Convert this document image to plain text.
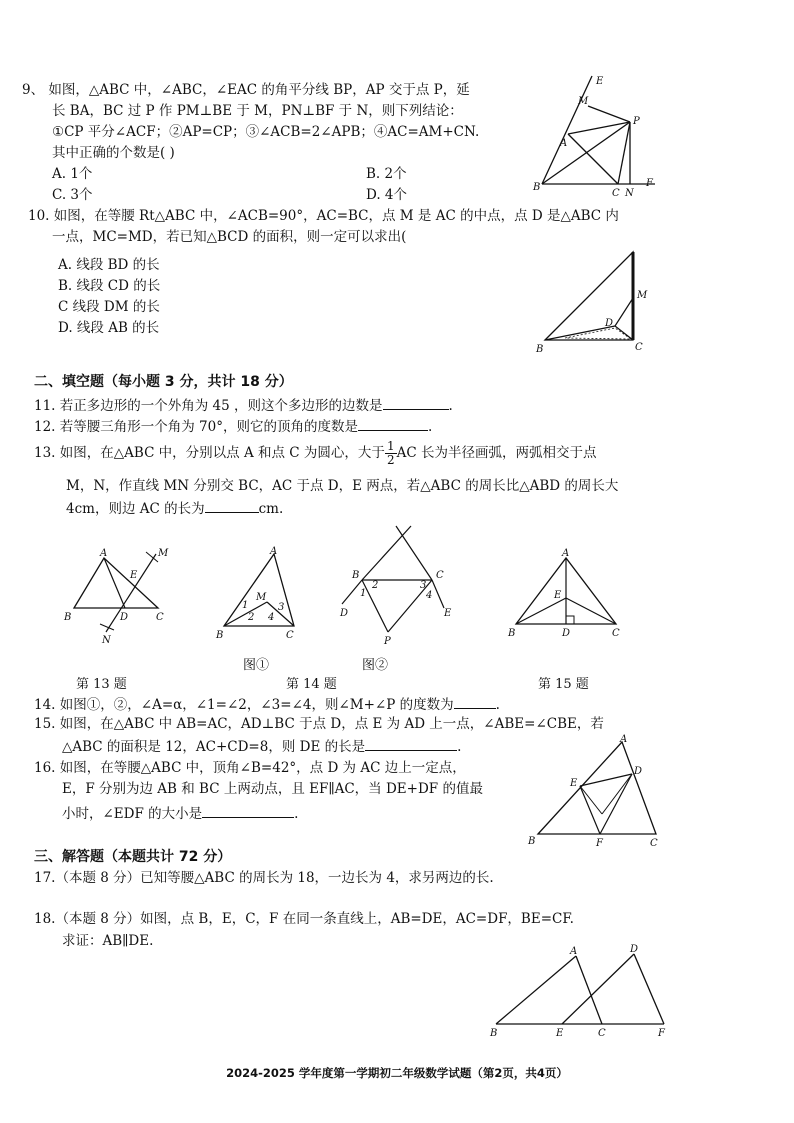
9、 如图，△ABC 中，∠ABC，∠EAC 的角平分线 BP，AP 交于点 P，延
长 BA，BC 过 P 作 PM⊥BE 于 M，PN⊥BF 于 N，则下列结论：
①CP 平分∠ACF；②AP=CP；③∠ACB=2∠APB；④AC=AM+CN.
其中正确的个数是( )
A. 1个	B. 2个
C. 3个	D. 4个	B
C N
F
A
M
E
P
10. 如图，在等腰 Rt△ABC 中，∠ACB=90°，AC=BC，点 M 是 AC 的中点，点 D 是△ABC 内
一点，MC=MD，若已知△BCD 的面积，则一定可以求出(
A. 线段 BD 的长
B. 线段 CD 的长
C 线段 DM 的长
D. 线段 AB 的长
B	C
M
D
二、填空题（每小题 3 分，共计 18 分）
11. 若正多边形的一个外角为 45 ，则这个多边形的边数是	.
12. 若等腰三角形一个角为 70°，则它的顶角的度数是	.
13. 如图，在△ABC 中，分别以点 A 和点 C 为圆心，大于 $\frac{1}{2}$ AC 长为半径画弧，两弧相交于点
M，N，作直线 MN 分别交 BC，AC 于点 D，E 两点，若△ABC 的周长比△ABD 的周长大
4cm，则边 AC 的长为	cm.
A
B	D	C
E
M
N
A
B	C
M
1
2
3
4
图①
B	C
D	E
P
2
1
3
4
图②
A
B	D	C
E
第 13 题	第 14 题	第 15 题
14. 如图①，②，∠A=α，∠1=∠2，∠3=∠4，则∠M+∠P 的度数为	.
15. 如图，在△ABC 中 AB=AC，AD⊥BC 于点 D，点 E 为 AD 上一点，∠ABE=∠CBE，若
△ABC 的面积是 12，AC+CD=8，则 DE 的长是	.
16. 如图，在等腰△ABC 中，顶角∠B=42°，点 D 为 AC 边上一定点，
E，F 分别为边 AB 和 BC 上两动点，且 EF∥AC，当 DE+DF 的值最
小时，∠EDF 的大小是	.
A
B	C
D
E
F
三、解答题（本题共计 72 分）
17.（本题 8 分）已知等腰△ABC 的周长为 18，一边长为 4，求另两边的长.
18.（本题 8 分）如图，点 B，E，C，F 在同一条直线上，AB=DE，AC=DF，BE=CF.
求证：AB∥DE.
B	E	C	F
A	D
2024-2025 学年度第一学期初二年级数学试题（第2页，共4页）
